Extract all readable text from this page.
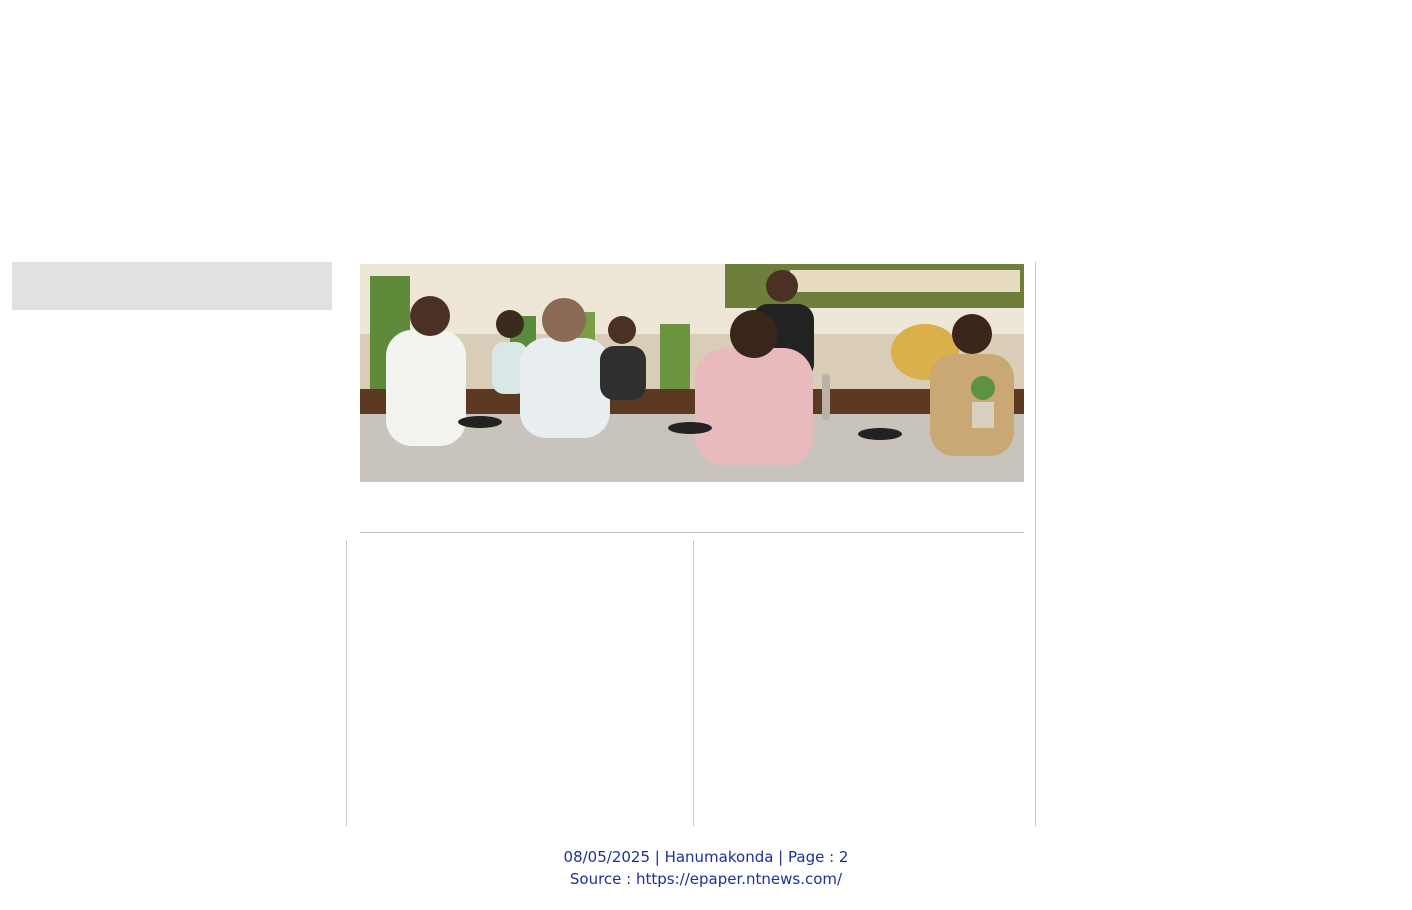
08/05/2025 | Hanumakonda | Page : 2
Source : https://epaper.ntnews.com/
